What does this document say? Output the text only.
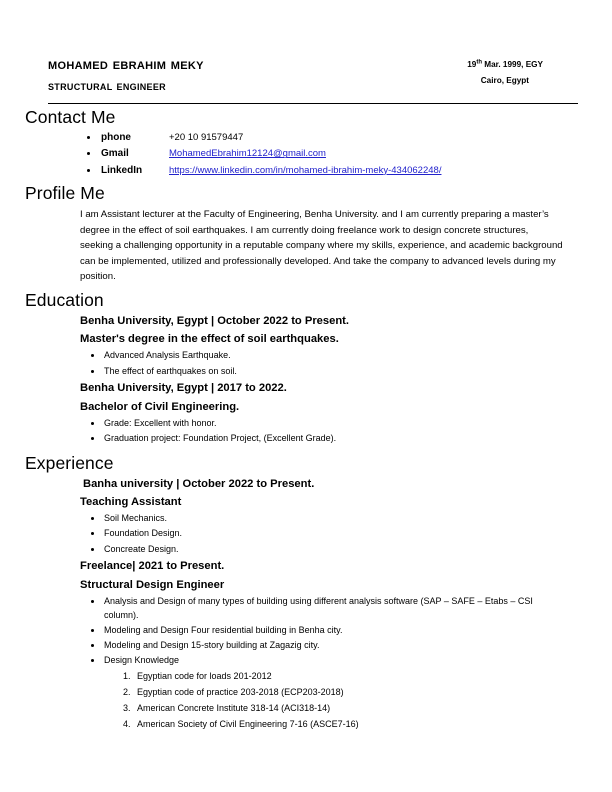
mohamed ebrahim meky
structural engineer
19th Mar. 1999, EGY
Cairo, Egypt
Contact Me
• phone	+20 10 91579447
• Gmail	MohamedEbrahim12124@gmail.com
• LinkedIn	https://www.linkedin.com/in/mohamed-ibrahim-meky-434062248/
Profile Me

I am Assistant lecturer at the Faculty of Engineering, Benha University. and I am currently preparing a master’s degree in the effect of soil earthquakes. I am currently doing freelance work to design concrete structures, seeking a challenging opportunity in a reputable company where my skills, experience, and academic background can be implemented, utilized and professionally developed. And take the company to advanced levels during my position.

Education
Benha University, Egypt | October 2022 to Present.
Master's degree in the effect of soil earthquakes.
• Advanced Analysis Earthquake.
• The effect of earthquakes on soil.
Benha University, Egypt | 2017 to 2022.
Bachelor of Civil Engineering.
• Grade: Excellent with honor.
• Graduation project: Foundation Project, (Excellent Grade).
Experience
Banha university | October 2022 to Present.
Teaching Assistant
• Soil Mechanics.
• Foundation Design.
• Concreate Design.
Freelance| 2021 to Present.
Structural Design Engineer
• Analysis and Design of many types of building using different analysis software (SAP – SAFE – Etabs – CSI column).
• Modeling and Design Four residential building in Benha city.
• Modeling and Design 15-story building at Zagazig city.
• Design Knowledge
1. Egyptian code for loads 201-2012
2. Egyptian code of practice 203-2018 (ECP203-2018)
3. American Concrete Institute 318-14 (ACI318-14)
4. American Society of Civil Engineering 7-16 (ASCE7-16)
